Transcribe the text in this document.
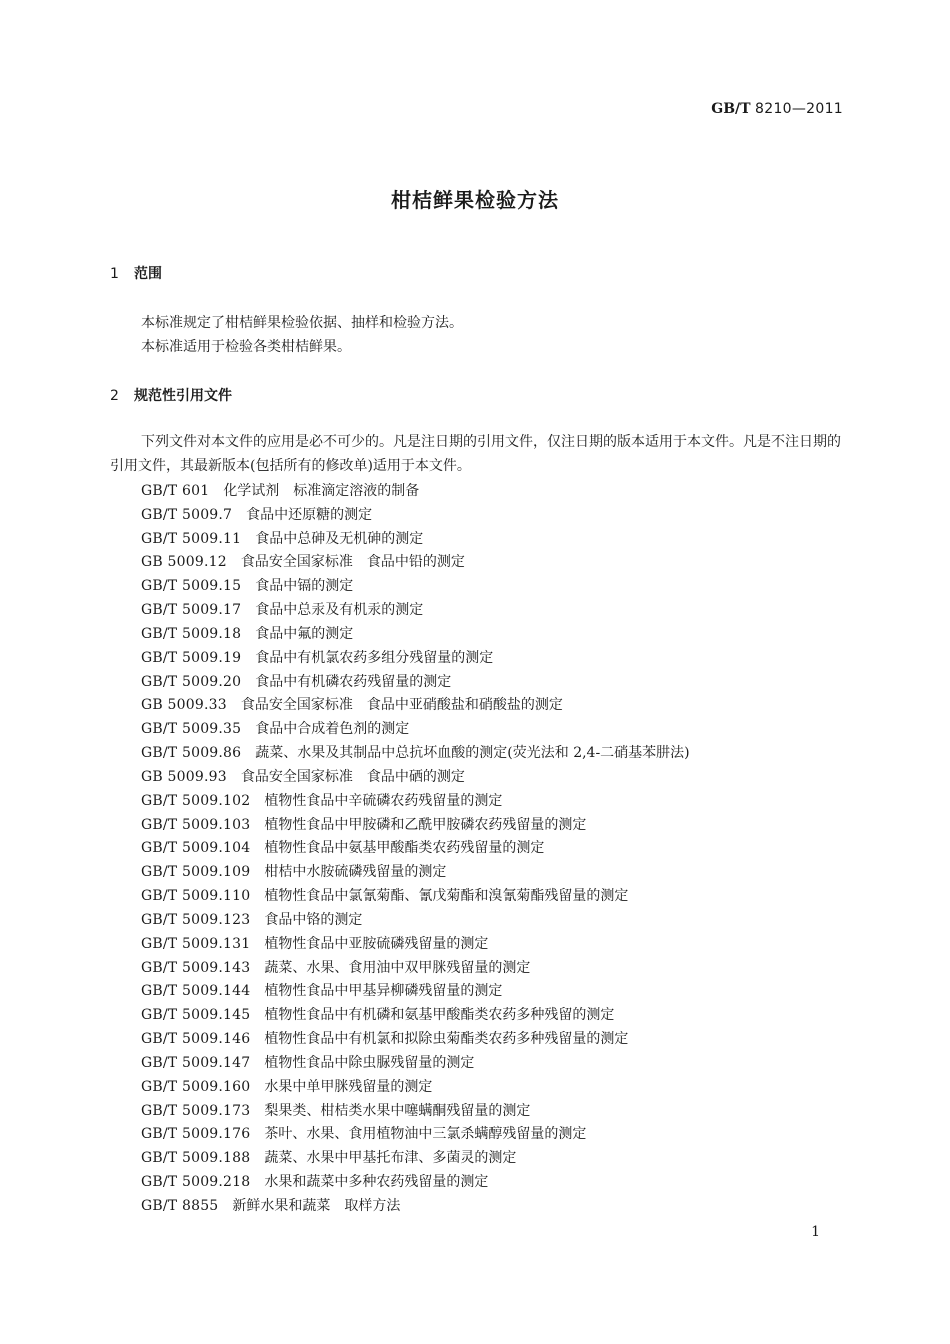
GB/T 8210—2011
柑桔鲜果检验方法
1 范围
本标准规定了柑桔鲜果检验依据、抽样和检验方法。
本标准适用于检验各类柑桔鲜果。
2 规范性引用文件
下列文件对本文件的应用是必不可少的。凡是注日期的引用文件，仅注日期的版本适用于本文件。凡是不注日期的引用文件，其最新版本(包括所有的修改单)适用于本文件。
GB/T 601 化学试剂　标准滴定溶液的制备
GB/T 5009.7 食品中还原糖的测定
GB/T 5009.11 食品中总砷及无机砷的测定
GB 5009.12 食品安全国家标准　食品中铅的测定
GB/T 5009.15 食品中镉的测定
GB/T 5009.17 食品中总汞及有机汞的测定
GB/T 5009.18 食品中氟的测定
GB/T 5009.19 食品中有机氯农药多组分残留量的测定
GB/T 5009.20 食品中有机磷农药残留量的测定
GB 5009.33 食品安全国家标准　食品中亚硝酸盐和硝酸盐的测定
GB/T 5009.35 食品中合成着色剂的测定
GB/T 5009.86 蔬菜、水果及其制品中总抗坏血酸的测定(荧光法和 2,4-二硝基苯肼法)
GB 5009.93 食品安全国家标准　食品中硒的测定
GB/T 5009.102 植物性食品中辛硫磷农药残留量的测定
GB/T 5009.103 植物性食品中甲胺磷和乙酰甲胺磷农药残留量的测定
GB/T 5009.104 植物性食品中氨基甲酸酯类农药残留量的测定
GB/T 5009.109 柑桔中水胺硫磷残留量的测定
GB/T 5009.110 植物性食品中氯氰菊酯、氰戊菊酯和溴氰菊酯残留量的测定
GB/T 5009.123 食品中铬的测定
GB/T 5009.131 植物性食品中亚胺硫磷残留量的测定
GB/T 5009.143 蔬菜、水果、食用油中双甲脒残留量的测定
GB/T 5009.144 植物性食品中甲基异柳磷残留量的测定
GB/T 5009.145 植物性食品中有机磷和氨基甲酸酯类农药多种残留的测定
GB/T 5009.146 植物性食品中有机氯和拟除虫菊酯类农药多种残留量的测定
GB/T 5009.147 植物性食品中除虫脲残留量的测定
GB/T 5009.160 水果中单甲脒残留量的测定
GB/T 5009.173 梨果类、柑桔类水果中噻螨酮残留量的测定
GB/T 5009.176 茶叶、水果、食用植物油中三氯杀螨醇残留量的测定
GB/T 5009.188 蔬菜、水果中甲基托布津、多菌灵的测定
GB/T 5009.218 水果和蔬菜中多种农药残留量的测定
GB/T 8855 新鲜水果和蔬菜　取样方法
1
